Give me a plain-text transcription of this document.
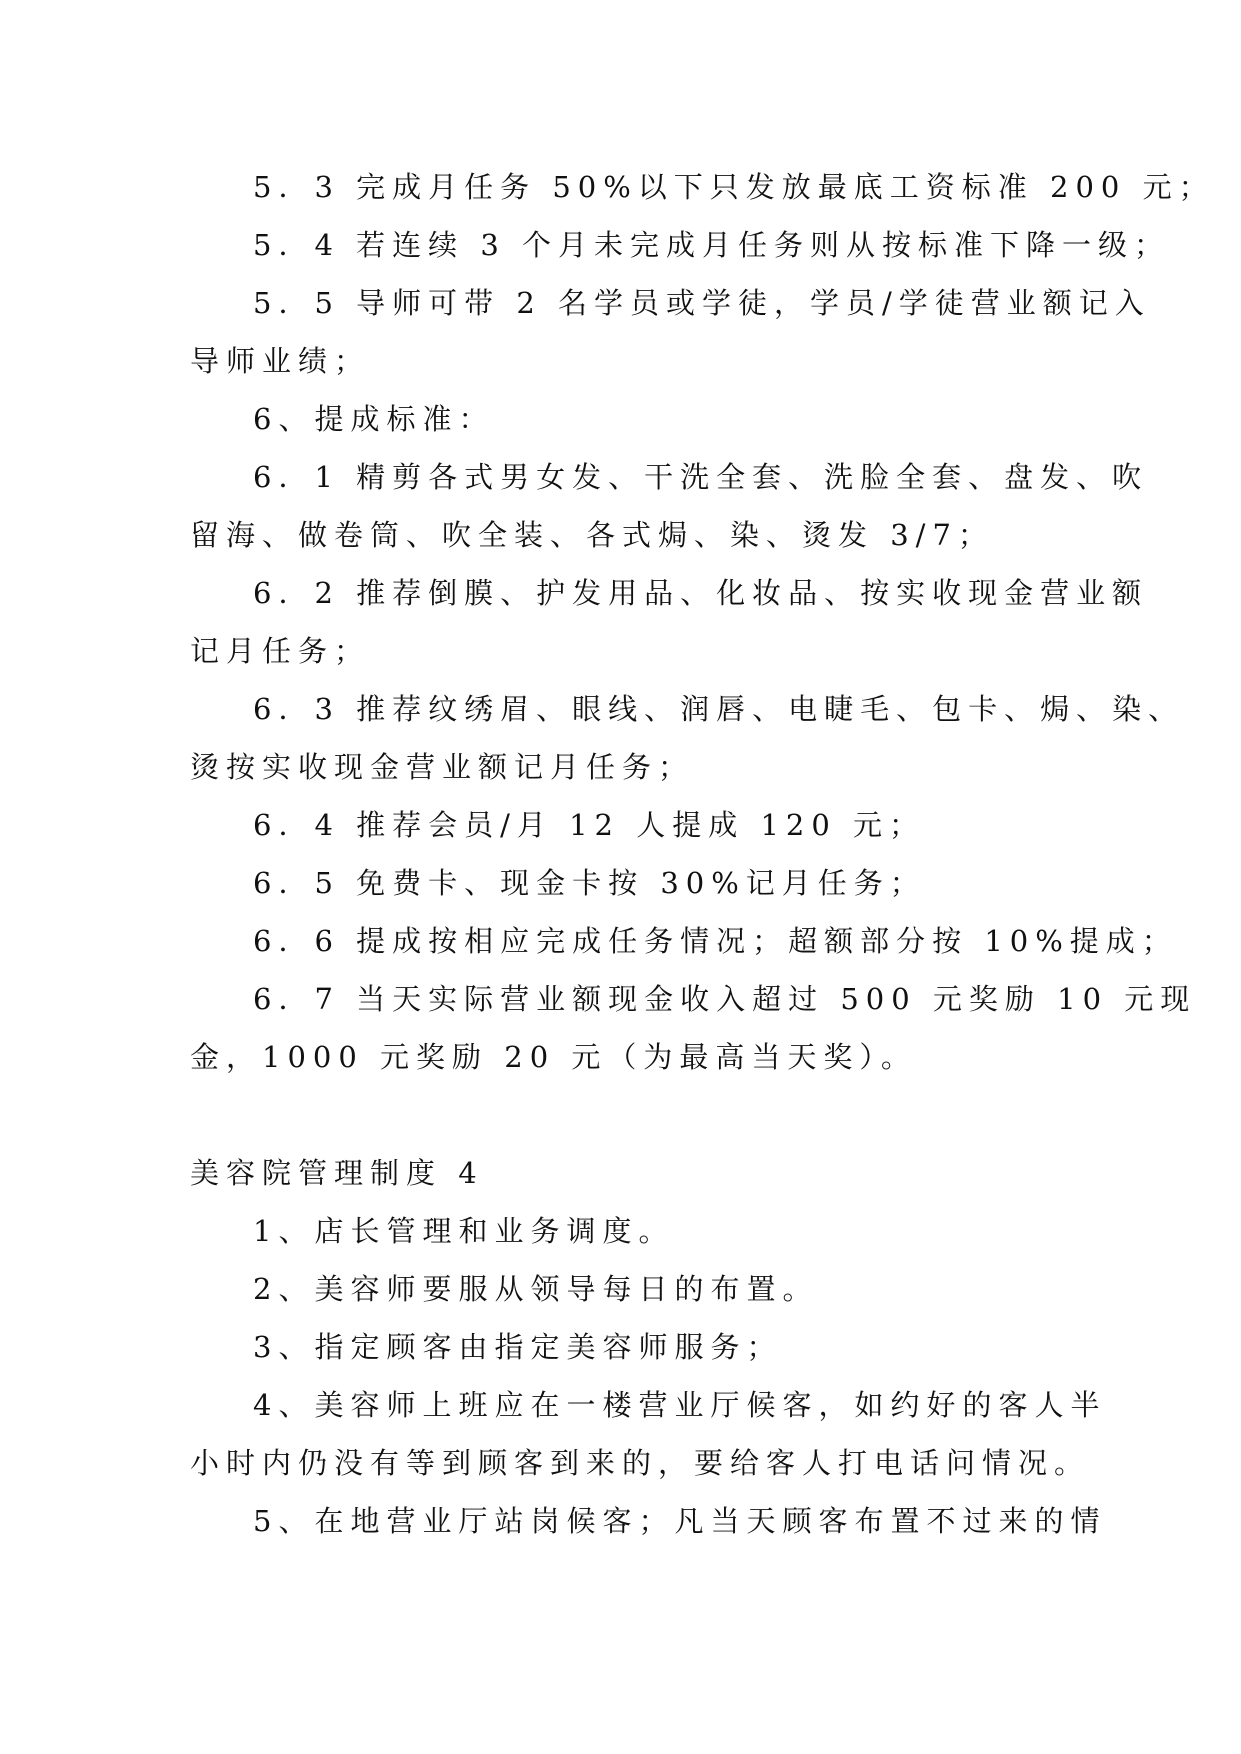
5．3 完成月任务 50%以下只发放最底工资标准 200 元；
5．4 若连续 3 个月未完成月任务则从按标准下降一级；
5．5 导师可带 2 名学员或学徒，学员/学徒营业额记入
导师业绩；
6、提成标准：
6．1 精剪各式男女发、干洗全套、洗脸全套、盘发、吹
留海、做卷筒、吹全装、各式焗、染、烫发 3/7；
6．2 推荐倒膜、护发用品、化妆品、按实收现金营业额
记月任务；
6．3 推荐纹绣眉、眼线、润唇、电睫毛、包卡、焗、染、
烫按实收现金营业额记月任务；
6．4 推荐会员/月 12 人提成 120 元；
6．5 免费卡、现金卡按 30%记月任务；
6．6 提成按相应完成任务情况；超额部分按 10%提成；
6．7 当天实际营业额现金收入超过 500 元奖励 10 元现
金，1000 元奖励 20 元（为最高当天奖）。
美容院管理制度 4
1、店长管理和业务调度。
2、美容师要服从领导每日的布置。
3、指定顾客由指定美容师服务；
4、美容师上班应在一楼营业厅候客，如约好的客人半
小时内仍没有等到顾客到来的，要给客人打电话问情况。
5、在地营业厅站岗候客；凡当天顾客布置不过来的情
